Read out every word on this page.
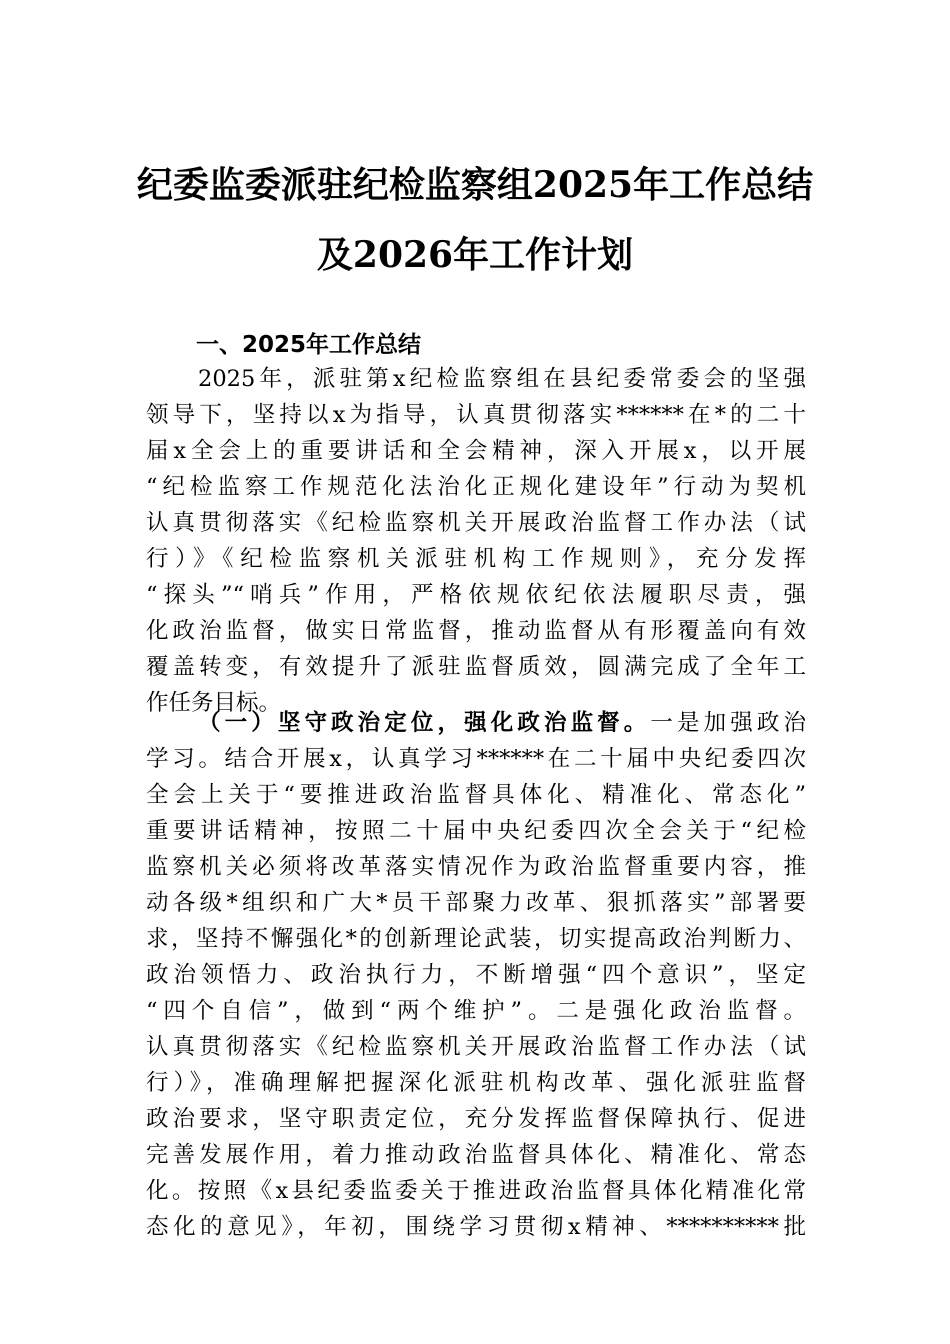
纪委监委派驻纪检监察组2025年工作总结
及2026年工作计划
一、2025年工作总结
2025年，派驻第x纪检监察组在县纪委常委会的坚强
领导下，坚持以x为指导，认真贯彻落实******在*的二十
届x全会上的重要讲话和全会精神，深入开展x，以开展
“纪检监察工作规范化法治化正规化建设年”行动为契机
认真贯彻落实《纪检监察机关开展政治监督工作办法（试
行）》《纪检监察机关派驻机构工作规则》，充分发挥
“探头”“哨兵”作用，严格依规依纪依法履职尽责，强
化政治监督，做实日常监督，推动监督从有形覆盖向有效
覆盖转变，有效提升了派驻监督质效，圆满完成了全年工
作任务目标。
（一）坚守政治定位，强化政治监督。一是加强政治
学习。结合开展x，认真学习******在二十届中央纪委四次
全会上关于“要推进政治监督具体化、精准化、常态化”
重要讲话精神，按照二十届中央纪委四次全会关于“纪检
监察机关必须将改革落实情况作为政治监督重要内容，推
动各级*组织和广大*员干部聚力改革、狠抓落实”部署要
求，坚持不懈强化*的创新理论武装，切实提高政治判断力、
政治领悟力、政治执行力，不断增强“四个意识”，坚定
“四个自信”，做到“两个维护”。二是强化政治监督。
认真贯彻落实《纪检监察机关开展政治监督工作办法（试
行）》，准确理解把握深化派驻机构改革、强化派驻监督
政治要求，坚守职责定位，充分发挥监督保障执行、促进
完善发展作用，着力推动政治监督具体化、精准化、常态
化。按照《x县纪委监委关于推进政治监督具体化精准化常
态化的意见》，年初，围绕学习贯彻x精神、**********批
